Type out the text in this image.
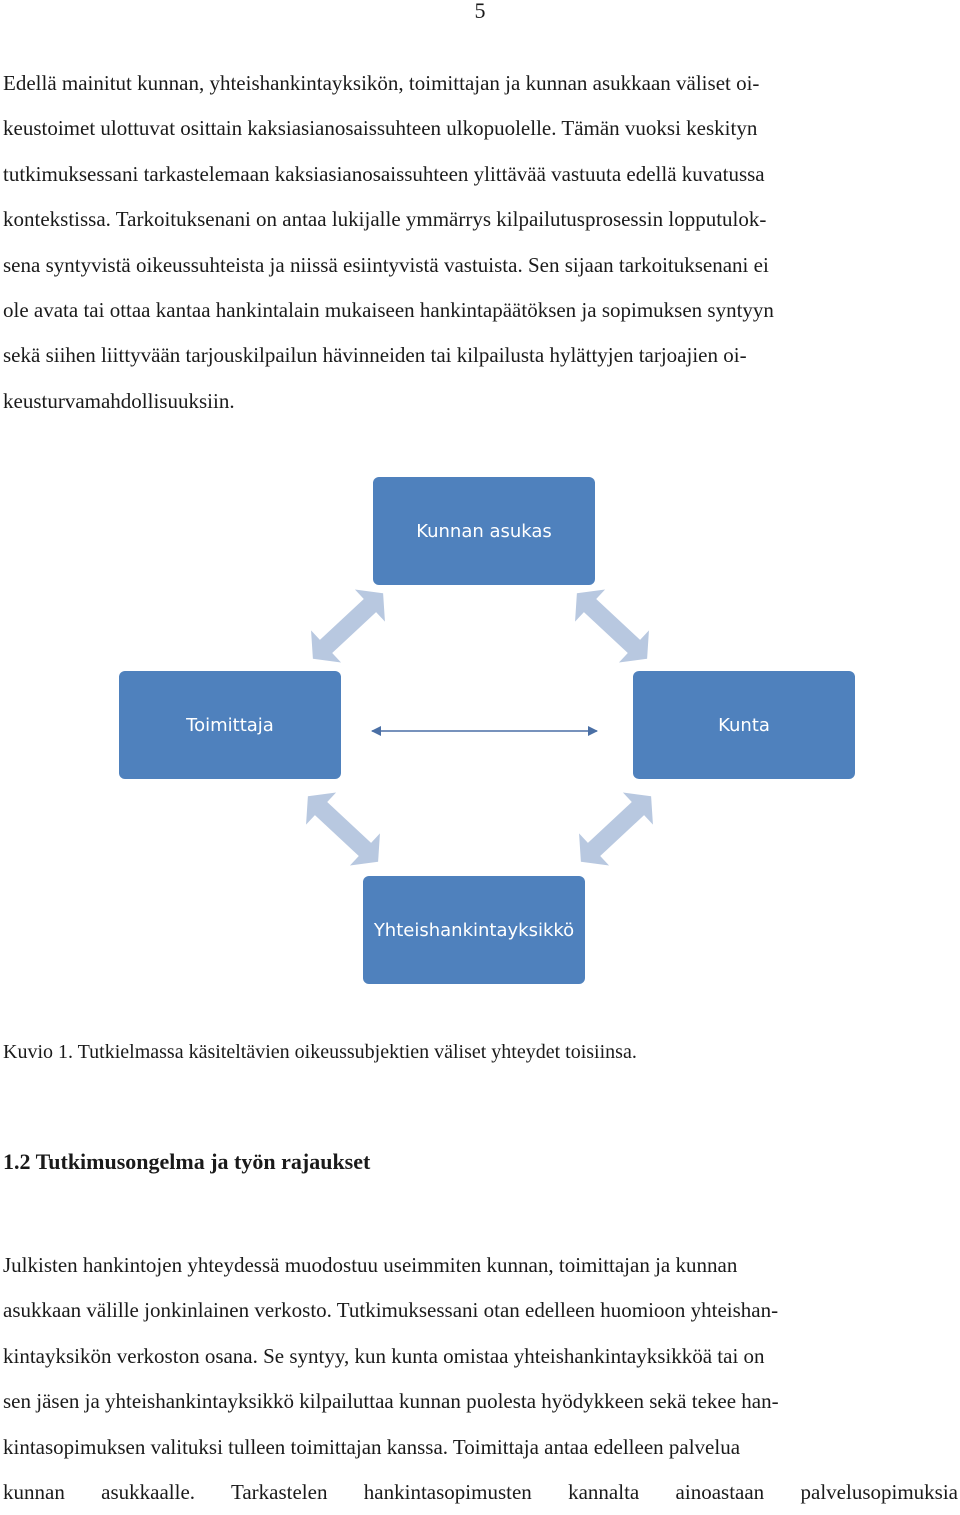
5
Edellä mainitut kunnan, yhteishankintayksikön, toimittajan ja kunnan asukkaan väliset oi-
keustoimet ulottuvat osittain kaksiasianosaissuhteen ulkopuolelle. Tämän vuoksi keskityn
tutkimuksessani tarkastelemaan kaksiasianosaissuhteen ylittävää vastuuta edellä kuvatussa
kontekstissa. Tarkoituksenani on antaa lukijalle ymmärrys kilpailutusprosessin lopputulok-
sena syntyvistä oikeussuhteista ja niissä esiintyvistä vastuista. Sen sijaan tarkoituksenani ei
ole avata tai ottaa kantaa hankintalain mukaiseen hankintapäätöksen ja sopimuksen syntyyn
sekä siihen liittyvään tarjouskilpailun hävinneiden tai kilpailusta hylättyjen tarjoajien oi-
keusturvamahdollisuuksiin.
Kunnan asukas
Toimittaja	Kunta
Yhteishankintayksikkö

Kuvio 1. Tutkielmassa käsiteltävien oikeussubjektien väliset yhteydet toisiinsa.

1.2 Tutkimusongelma ja työn rajaukset
Julkisten hankintojen yhteydessä muodostuu useimmiten kunnan, toimittajan ja kunnan
asukkaan välille jonkinlainen verkosto. Tutkimuksessani otan edelleen huomioon yhteishan-
kintayksikön verkoston osana. Se syntyy, kun kunta omistaa yhteishankintayksikköä tai on
sen jäsen ja yhteishankintayksikkö kilpailuttaa kunnan puolesta hyödykkeen sekä tekee han-
kintasopimuksen valituksi tulleen toimittajan kanssa. Toimittaja antaa edelleen palvelua
kunnan asukkaalle. Tarkastelen hankintasopimusten kannalta ainoastaan palvelusopimuksia
